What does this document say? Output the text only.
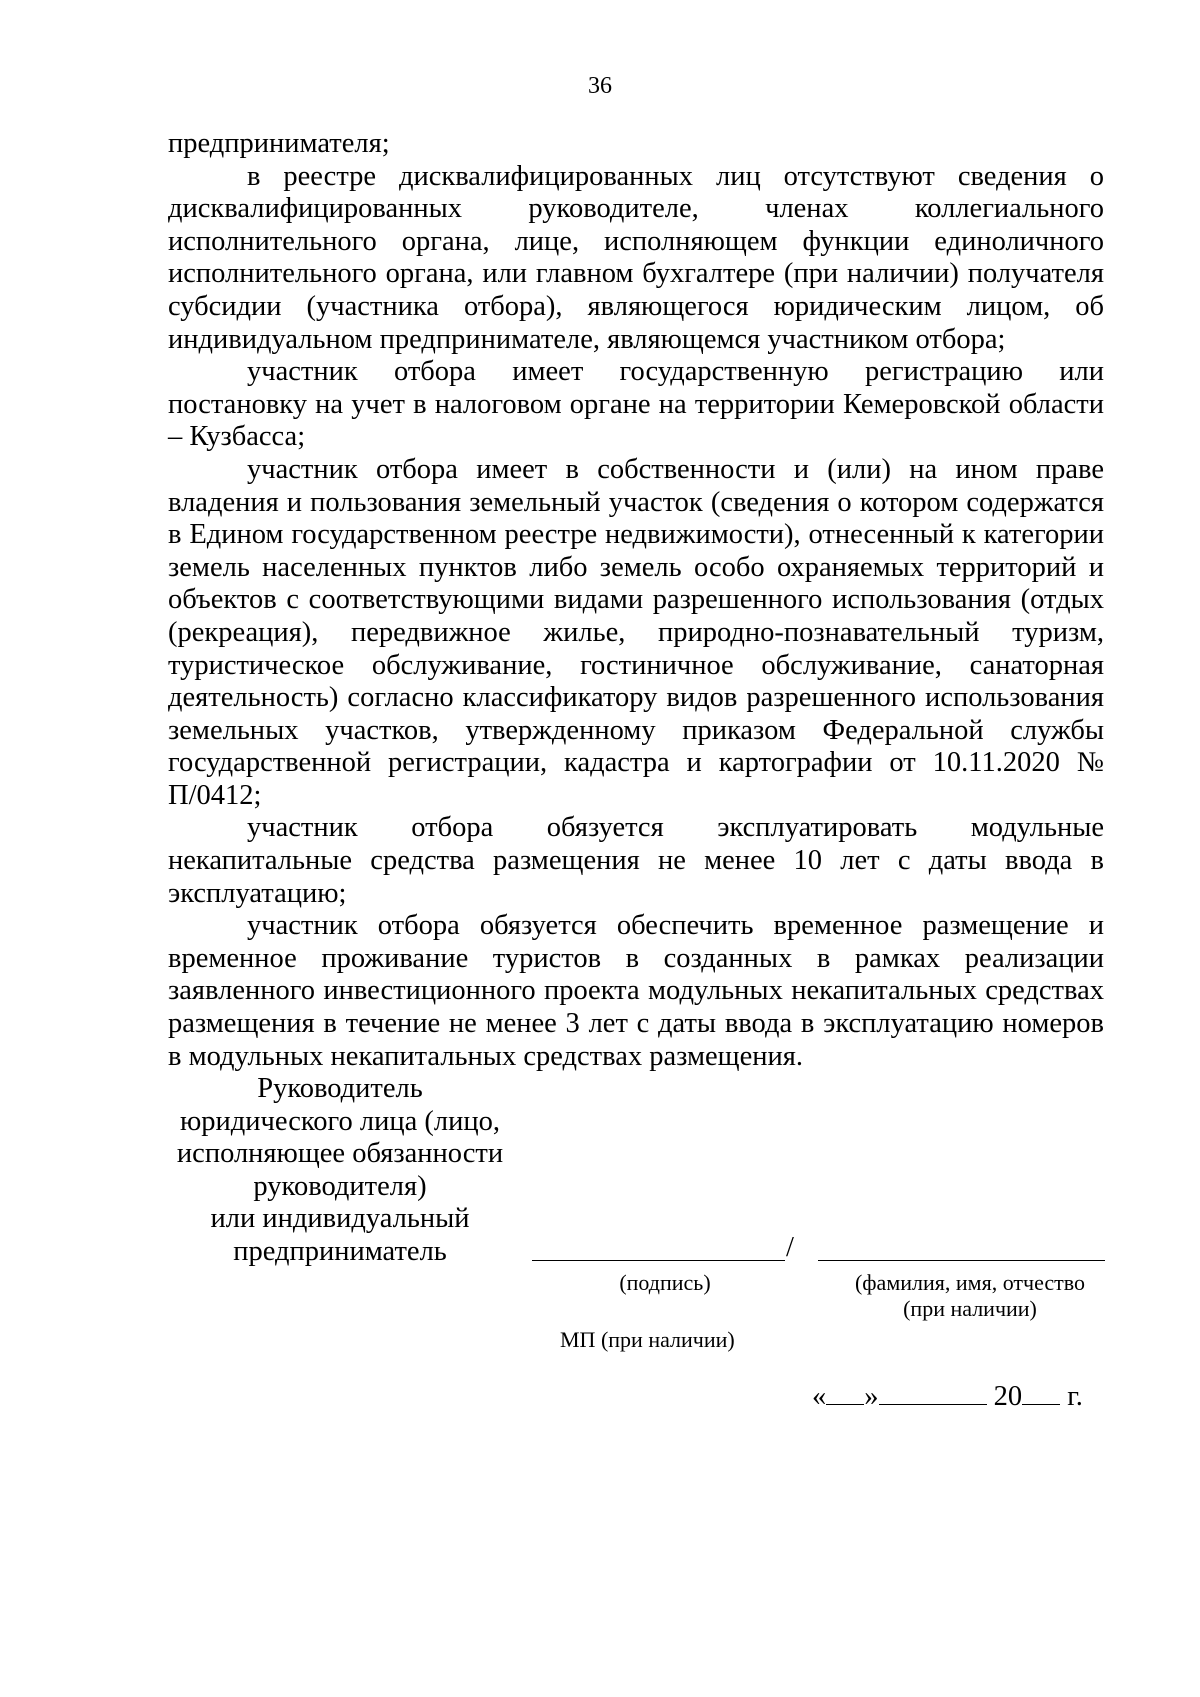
36

предпринимателя;

в реестре дисквалифицированных лиц отсутствуют сведения о дисквалифицированных руководителе, членах коллегиального исполнительного органа, лице, исполняющем функции единоличного исполнительного органа, или главном бухгалтере (при наличии) получателя субсидии (участника отбора), являющегося юридическим лицом, об индивидуальном предпринимателе, являющемся участником отбора;

участник отбора имеет государственную регистрацию или постановку на учет в налоговом органе на территории Кемеровской области – Кузбасса;

участник отбора имеет в собственности и (или) на ином праве владения и пользования земельный участок (сведения о котором содержатся в Едином государственном реестре недвижимости), отнесенный к категории земель населенных пунктов либо земель особо охраняемых территорий и объектов с соответствующими видами разрешенного использования (отдых (рекреация), передвижное жилье, природно-познавательный туризм, туристическое обслуживание, гостиничное обслуживание, санаторная деятельность) согласно классификатору видов разрешенного использования земельных участков, утвержденному приказом Федеральной службы государственной регистрации, кадастра и картографии от 10.11.2020 № П/0412;

участник отбора обязуется эксплуатировать модульные некапитальные средства размещения не менее 10 лет с даты ввода в эксплуатацию;

участник отбора обязуется обеспечить временное размещение и временное проживание туристов в созданных в рамках реализации заявленного инвестиционного проекта модульных некапитальных средствах размещения в течение не менее 3 лет с даты ввода в эксплуатацию номеров в модульных некапитальных средствах размещения.

Руководитель
юридического лица (лицо,
исполняющее обязанности
руководителя)
или индивидуальный
предприниматель	/
(подпись)	(фамилия, имя, отчество
(при наличии)
МП (при наличии)
« »	20 г.
